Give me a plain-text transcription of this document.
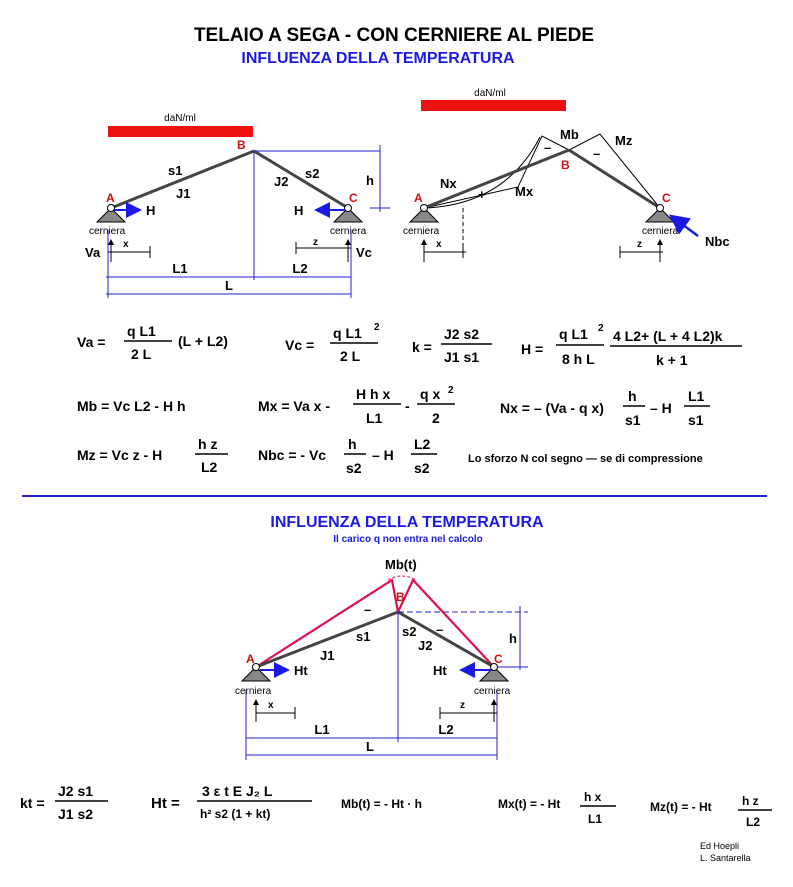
TELAIO A SEGA - CON CERNIERE AL PIEDE
INFLUENZA DELLA TEMPERATURA
daN/ml
A
B
C
s1
J1
J2
s2	h
H	H
cerniera	cerniera
Va
x
Vc
z
L1	L2
L
daN/ml
A
B
C
Mb	Mz
Mx
Nx
–	–
+
Nbc
cerniera	cerniera
x	z
Va =
q L1
2 L
(L + L2)	Vc =
q L1 2
2 L
k =
J2 s2
J1 s1	H =
q L1 2
8 h L
4 L2+ (L + 4 L2)k
k + 1
Mb = Vc L2 - H h	Mx = Va x -
H h x
L1
-
q x 2
2
Nx = – (Va - q x)
h
s1
– H
L1
s1
Mz = Vc z - H
h z
L2
Nbc = - Vc
h
s2
– H
L2
s2
Lo sforzo N col segno — se di compressione
INFLUENZA DELLA TEMPERATURA
Il carico q non entra nel calcolo
Mb(t)
A
B
C
–
–
s1
J1
s2
J2	h
Ht	Ht
cerniera	cerniera
x	z
L1	L2
L
kt =
J2 s1
J1 s2
Ht =
3 ε t E J₂ L
h² s2 (1 + kt)
Mb(t) = - Ht · h	Mx(t) = - Ht h x
L1
Mz(t) = - Ht	h z
L2
Ed Hoepli
L. Santarella
